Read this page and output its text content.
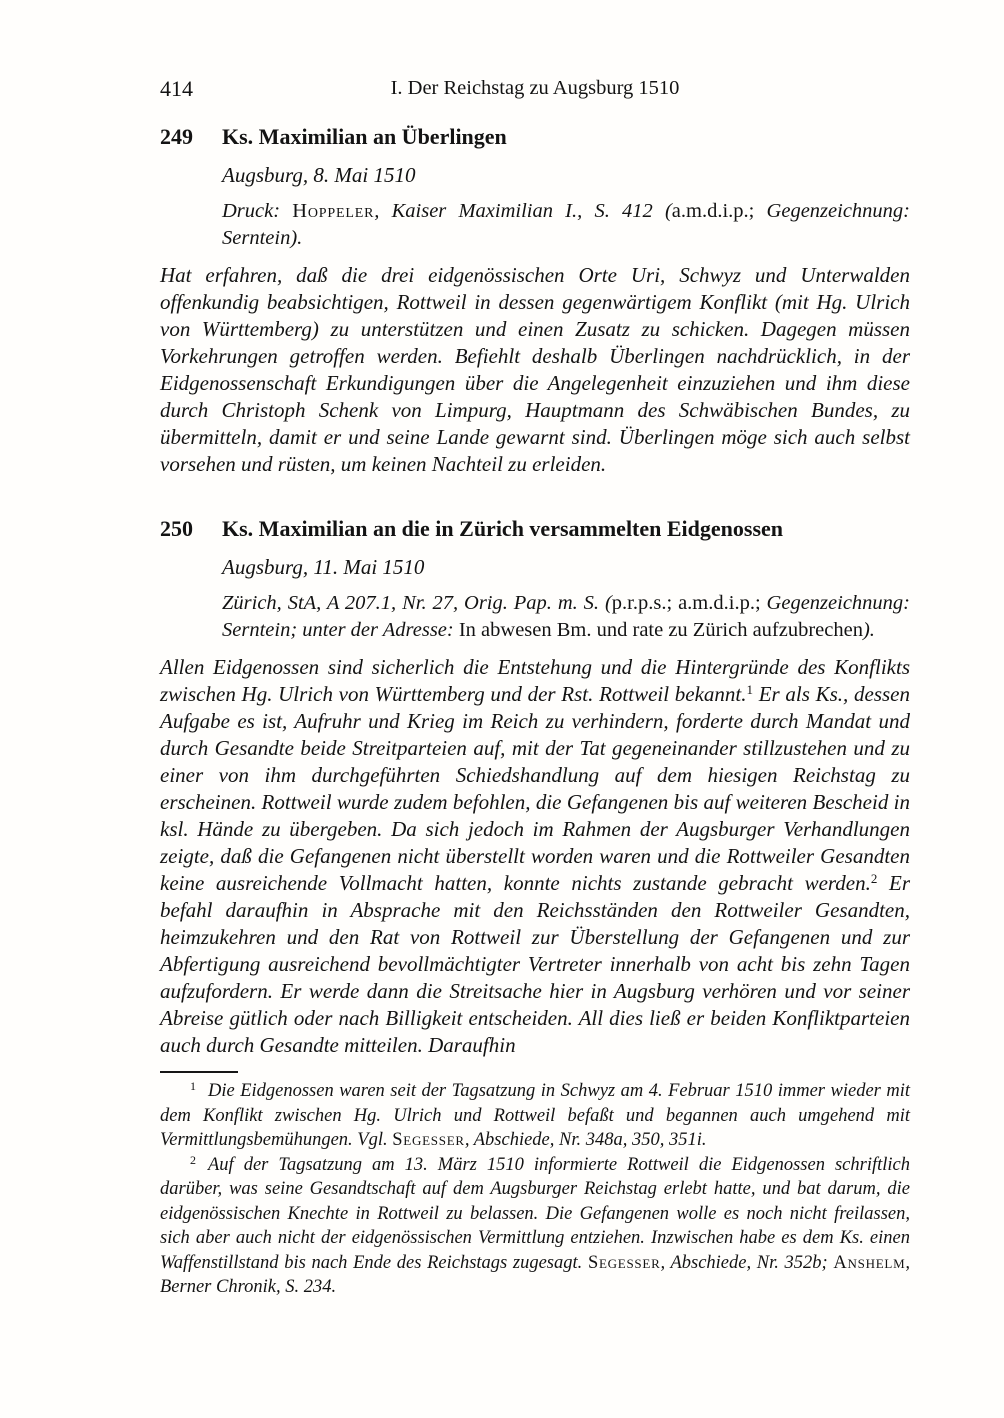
414	I. Der Reichstag zu Augsburg 1510
249	Ks. Maximilian an Überlingen

Augsburg, 8. Mai 1510

Druck: Hoppeler, Kaiser Maximilian I., S. 412 (a.m.d.i.p.; Gegenzeichnung: Serntein).

Hat erfahren, daß die drei eidgenössischen Orte Uri, Schwyz und Unterwalden offenkundig beabsichtigen, Rottweil in dessen gegenwärtigem Konflikt (mit Hg. Ulrich von Württemberg) zu unterstützen und einen Zusatz zu schicken. Dagegen müssen Vorkehrungen getroffen werden. Befiehlt deshalb Überlingen nachdrücklich, in der Eidgenossenschaft Erkundigungen über die Angelegenheit einzuziehen und ihm diese durch Christoph Schenk von Limpurg, Hauptmann des Schwäbischen Bundes, zu übermitteln, damit er und seine Lande gewarnt sind. Überlingen möge sich auch selbst vorsehen und rüsten, um keinen Nachteil zu erleiden.

250	Ks. Maximilian an die in Zürich versammelten Eidgenossen

Augsburg, 11. Mai 1510

Zürich, StA, A 207.1, Nr. 27, Orig. Pap. m. S. (p.r.p.s.; a.m.d.i.p.; Gegenzeichnung: Serntein; unter der Adresse: In abwesen Bm. und rate zu Zürich aufzubrechen).

Allen Eidgenossen sind sicherlich die Entstehung und die Hintergründe des Konflikts zwischen Hg. Ulrich von Württemberg und der Rst. Rottweil bekannt.$^1$ Er als Ks., dessen Aufgabe es ist, Aufruhr und Krieg im Reich zu verhindern, forderte durch Mandat und durch Gesandte beide Streitparteien auf, mit der Tat gegeneinander stillzustehen und zu einer von ihm durchgeführten Schiedshandlung auf dem hiesigen Reichstag zu erscheinen. Rottweil wurde zudem befohlen, die Gefangenen bis auf weiteren Bescheid in ksl. Hände zu übergeben. Da sich jedoch im Rahmen der Augsburger Verhandlungen zeigte, daß die Gefangenen nicht überstellt worden waren und die Rottweiler Gesandten keine ausreichende Vollmacht hatten, konnte nichts zustande gebracht werden.$^2$ Er befahl daraufhin in Absprache mit den Reichsständen den Rottweiler Gesandten, heimzukehren und den Rat von Rottweil zur Überstellung der Gefangenen und zur Abfertigung ausreichend bevollmächtigter Vertreter innerhalb von acht bis zehn Tagen aufzufordern. Er werde dann die Streitsache hier in Augsburg verhören und vor seiner Abreise gütlich oder nach Billigkeit entscheiden. All dies ließ er beiden Konfliktparteien auch durch Gesandte mitteilen. Daraufhin

$^1$ Die Eidgenossen waren seit der Tagsatzung in Schwyz am 4. Februar 1510 immer wieder mit dem Konflikt zwischen Hg. Ulrich und Rottweil befaßt und begannen auch umgehend mit Vermittlungsbemühungen. Vgl. Segesser, Abschiede, Nr. 348a, 350, 351i.

$^2$ Auf der Tagsatzung am 13. März 1510 informierte Rottweil die Eidgenossen schriftlich darüber, was seine Gesandtschaft auf dem Augsburger Reichstag erlebt hatte, und bat darum, die eidgenössischen Knechte in Rottweil zu belassen. Die Gefangenen wolle es noch nicht freilassen, sich aber auch nicht der eidgenössischen Vermittlung entziehen. Inzwischen habe es dem Ks. einen Waffenstillstand bis nach Ende des Reichstags zugesagt. Segesser, Abschiede, Nr. 352b; Anshelm, Berner Chronik, S. 234.
